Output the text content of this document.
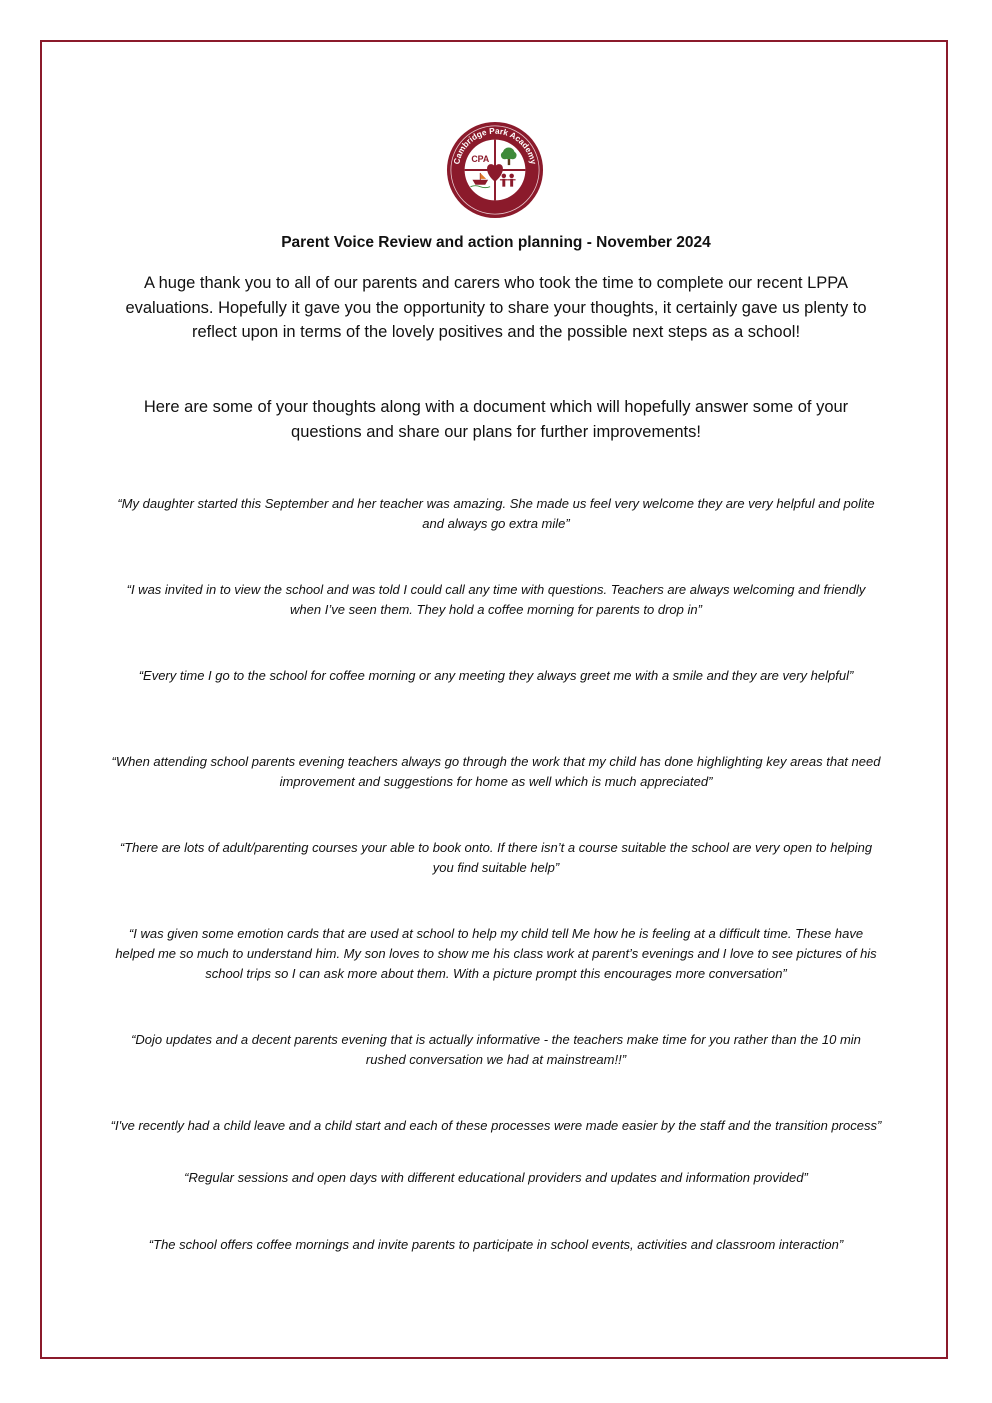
Cambridge Park Academy
CPA
Parent Voice Review and action planning - November 2024
A huge thank you to all of our parents and carers who took the time to complete our recent LPPA evaluations. Hopefully it gave you the opportunity to share your thoughts, it certainly gave us plenty to reflect upon in terms of the lovely positives and the possible next steps as a school!
Here are some of your thoughts along with a document which will hopefully answer some of your questions and share our plans for further improvements!
“My daughter started this September and her teacher was amazing. She made us feel very welcome they are very helpful and polite and always go extra mile”
“I was invited in to view the school and was told I could call any time with questions. Teachers are always welcoming and friendly when I’ve seen them. They hold a coffee morning for parents to drop in”
“Every time I go to the school for coffee morning or any meeting they always greet me with a smile and they are very helpful”
“When attending school parents evening teachers always go through the work that my child has done highlighting key areas that need improvement and suggestions for home as well which is much appreciated”
“There are lots of adult/parenting courses your able to book onto. If there isn’t a course suitable the school are very open to helping you find suitable help”
“I was given some emotion cards that are used at school to help my child tell Me how he is feeling at a difficult time. These have helped me so much to understand him. My son loves to show me his class work at parent’s evenings and I love to see pictures of his school trips so I can ask more about them. With a picture prompt this encourages more conversation”
“Dojo updates and a decent parents evening that is actually informative - the teachers make time for you rather than the 10 min rushed conversation we had at mainstream!!”
“I've recently had a child leave and a child start and each of these processes were made easier by the staff and the transition process”
“Regular sessions and open days with different educational providers and updates and information provided”
“The school offers coffee mornings and invite parents to participate in school events, activities and classroom interaction”
